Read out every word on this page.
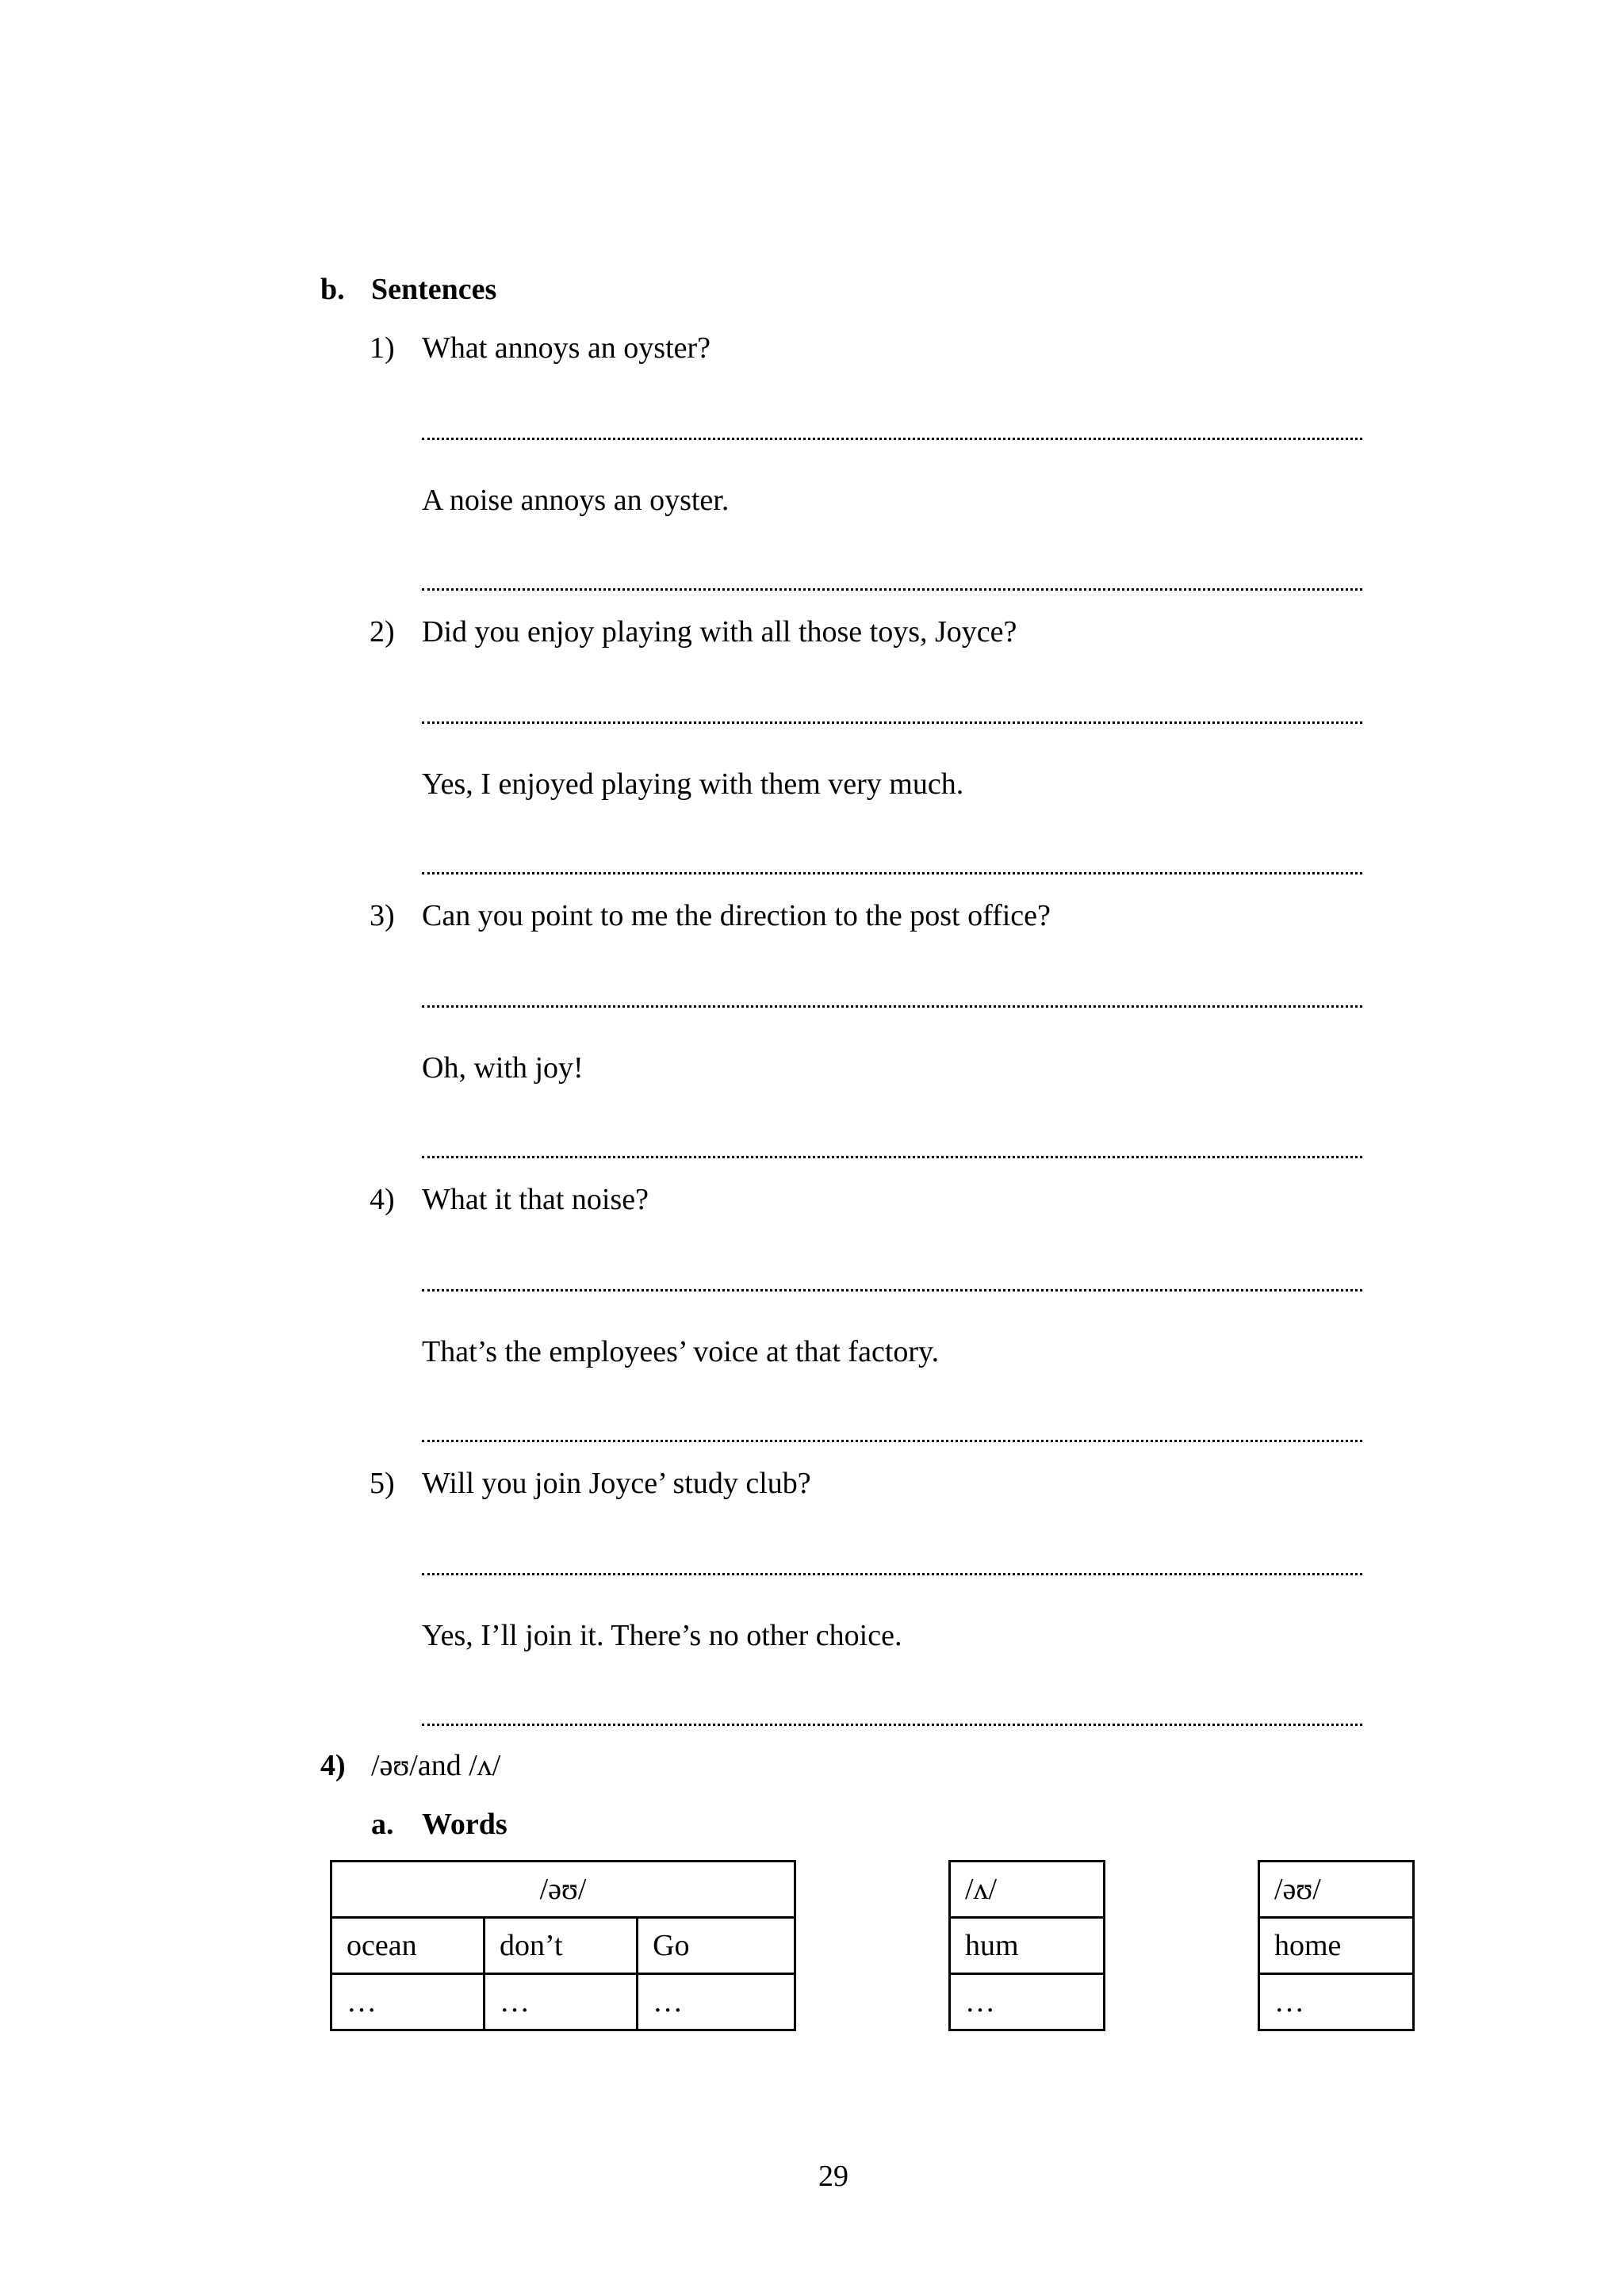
b. Sentences
1) What annoys an oyster?
A noise annoys an oyster.
2) Did you enjoy playing with all those toys, Joyce?
Yes, I enjoyed playing with them very much.
3) Can you point to me the direction to the post office?
Oh, with joy!
4) What it that noise?
That’s the employees’ voice at that factory.
5) Will you join Joyce’ study club?
Yes, I’ll join it. There’s no other choice.
4) /əʊ/and /ʌ/
a. Words
/əʊ/		
ocean	don’t	Go
…	…	…
/ʌ/
hum
…
/əʊ/
home
…
29
